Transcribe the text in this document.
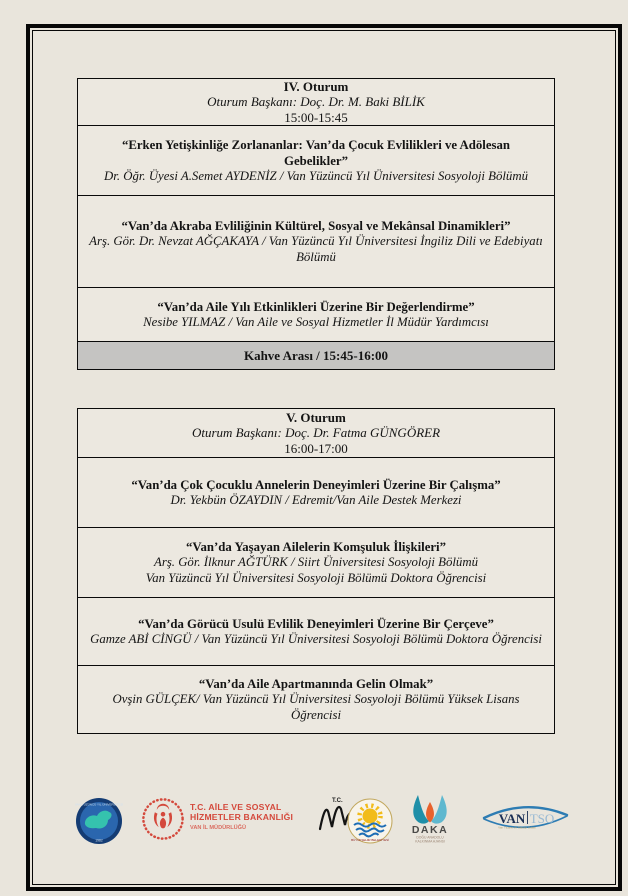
IV. Oturum
Oturum Başkanı: Doç. Dr. M. Baki BİLİK
15:00-15:45
“Erken Yetişkinliğe Zorlananlar: Van’da Çocuk Evlilikleri ve Adölesan Gebelikler”
Dr. Öğr. Üyesi A.Semet AYDENİZ / Van Yüzüncü Yıl Üniversitesi Sosyoloji Bölümü
“Van’da Akraba Evliliğinin Kültürel, Sosyal ve Mekânsal Dinamikleri”
Arş. Gör. Dr. Nevzat AĞÇAKAYA / Van Yüzüncü Yıl Üniversitesi İngiliz Dili ve Edebiyatı Bölümü
“Van’da Aile Yılı Etkinlikleri Üzerine Bir Değerlendirme”
Nesibe YILMAZ / Van Aile ve Sosyal Hizmetler İl Müdür Yardımcısı
Kahve Arası / 15:45-16:00
V. Oturum
Oturum Başkanı: Doç. Dr. Fatma GÜNGÖRER
16:00-17:00
“Van’da Çok Çocuklu Annelerin Deneyimleri Üzerine Bir Çalışma”
Dr. Yekbün ÖZAYDIN / Edremit/Van Aile Destek Merkezi
“Van’da Yaşayan Ailelerin Komşuluk İlişkileri”
Arş. Gör. İlknur AĞTÜRK / Siirt Üniversitesi Sosyoloji Bölümü
Van Yüzüncü Yıl Üniversitesi Sosyoloji Bölümü Doktora Öğrencisi
“Van’da Görücü Usulü Evlilik Deneyimleri Üzerine Bir Çerçeve”
Gamze ABİ CİNGÜ / Van Yüzüncü Yıl Üniversitesi Sosyoloji Bölümü Doktora Öğrencisi
“Van’da Aile Apartmanında Gelin Olmak”
Ovşin GÜLÇEK/ Van Yüzüncü Yıl Üniversitesi Sosyoloji Bölümü Yüksek Lisans Öğrencisi
VAN YÜZÜNCÜ YIL ÜNİVERSİTESİ
1982
T.C. AİLE VE SOSYAL
HİZMETLER BAKANLIĞI
VAN İL MÜDÜRLÜĞÜ
T.C.
BÜYÜKŞEHİR BELEDİYESİ
DAKA
DOĞU ANADOLU
KALKINMA AJANSI
VAN TSO
Van Ticaret ve Sanayi Odası
